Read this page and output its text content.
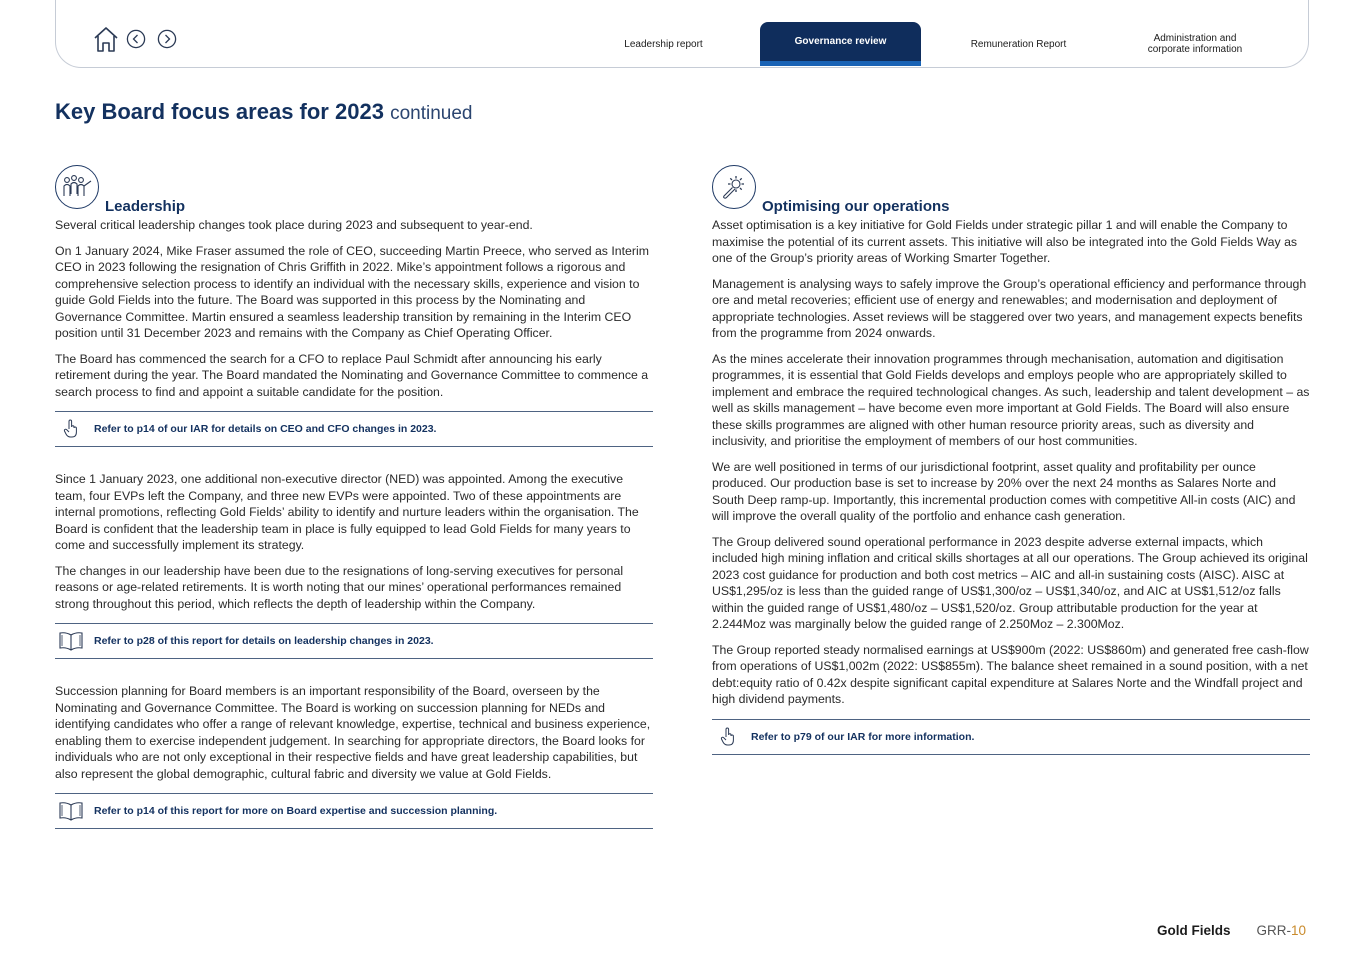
Leadership report	Governance review	Remuneration Report	Administration and corporate information
Key Board focus areas for 2023 continued
Leadership

Several critical leadership changes took place during 2023 and subsequent to year-end.

On 1 January 2024, Mike Fraser assumed the role of CEO, succeeding Martin Preece, who served as Interim CEO in 2023 following the resignation of Chris Griffith in 2022. Mike’s appointment follows a rigorous and comprehensive selection process to identify an individual with the necessary skills, experience and vision to guide Gold Fields into the future. The Board was supported in this process by the Nominating and Governance Committee. Martin ensured a seamless leadership transition by remaining in the Interim CEO position until 31 December 2023 and remains with the Company as Chief Operating Officer.

The Board has commenced the search for a CFO to replace Paul Schmidt after announcing his early retirement during the year. The Board mandated the Nominating and Governance Committee to commence a search process to find and appoint a suitable candidate for the position.

Refer to p14 of our IAR for details on CEO and CFO changes in 2023.

Since 1 January 2023, one additional non-executive director (NED) was appointed. Among the executive team, four EVPs left the Company, and three new EVPs were appointed. Two of these appointments are internal promotions, reflecting Gold Fields’ ability to identify and nurture leaders within the organisation. The Board is confident that the leadership team in place is fully equipped to lead Gold Fields for many years to come and successfully implement its strategy.

The changes in our leadership have been due to the resignations of long-serving executives for personal reasons or age-related retirements. It is worth noting that our mines’ operational performances remained strong throughout this period, which reflects the depth of leadership within the Company.

Refer to p28 of this report for details on leadership changes in 2023.

Succession planning for Board members is an important responsibility of the Board, overseen by the Nominating and Governance Committee. The Board is working on succession planning for NEDs and identifying candidates who offer a range of relevant knowledge, expertise, technical and business experience, enabling them to exercise independent judgement. In searching for appropriate directors, the Board looks for individuals who are not only exceptional in their respective fields and have great leadership capabilities, but also represent the global demographic, cultural fabric and diversity we value at Gold Fields.

Refer to p14 of this report for more on Board expertise and succession planning.
Optimising our operations

Asset optimisation is a key initiative for Gold Fields under strategic pillar 1 and will enable the Company to maximise the potential of its current assets. This initiative will also be integrated into the Gold Fields Way as one of the Group’s priority areas of Working Smarter Together.

Management is analysing ways to safely improve the Group’s operational efficiency and performance through ore and metal recoveries; efficient use of energy and renewables; and modernisation and deployment of appropriate technologies. Asset reviews will be staggered over two years, and management expects benefits from the programme from 2024 onwards.

As the mines accelerate their innovation programmes through mechanisation, automation and digitisation programmes, it is essential that Gold Fields develops and employs people who are appropriately skilled to implement and embrace the required technological changes. As such, leadership and talent development – as well as skills management – have become even more important at Gold Fields. The Board will also ensure these skills programmes are aligned with other human resource priority areas, such as diversity and inclusivity, and prioritise the employment of members of our host communities.

We are well positioned in terms of our jurisdictional footprint, asset quality and profitability per ounce produced. Our production base is set to increase by 20% over the next 24 months as Salares Norte and South Deep ramp-up. Importantly, this incremental production comes with competitive All-in costs (AIC) and will improve the overall quality of the portfolio and enhance cash generation.

The Group delivered sound operational performance in 2023 despite adverse external impacts, which included high mining inflation and critical skills shortages at all our operations. The Group achieved its original 2023 cost guidance for production and both cost metrics – AIC and all-in sustaining costs (AISC). AISC at US$1,295/oz is less than the guided range of US$1,300/oz – US$1,340/oz, and AIC at US$1,512/oz falls within the guided range of US$1,480/oz – US$1,520/oz. Group attributable production for the year at 2.244Moz was marginally below the guided range of 2.250Moz – 2.300Moz.

The Group reported steady normalised earnings at US$900m (2022: US$860m) and generated free cash-flow from operations of US$1,002m (2022: US$855m). The balance sheet remained in a sound position, with a net debt:equity ratio of 0.42x despite significant capital expenditure at Salares Norte and the Windfall project and high dividend payments.

Refer to p79 of our IAR for more information.
Gold Fields GRR-10
